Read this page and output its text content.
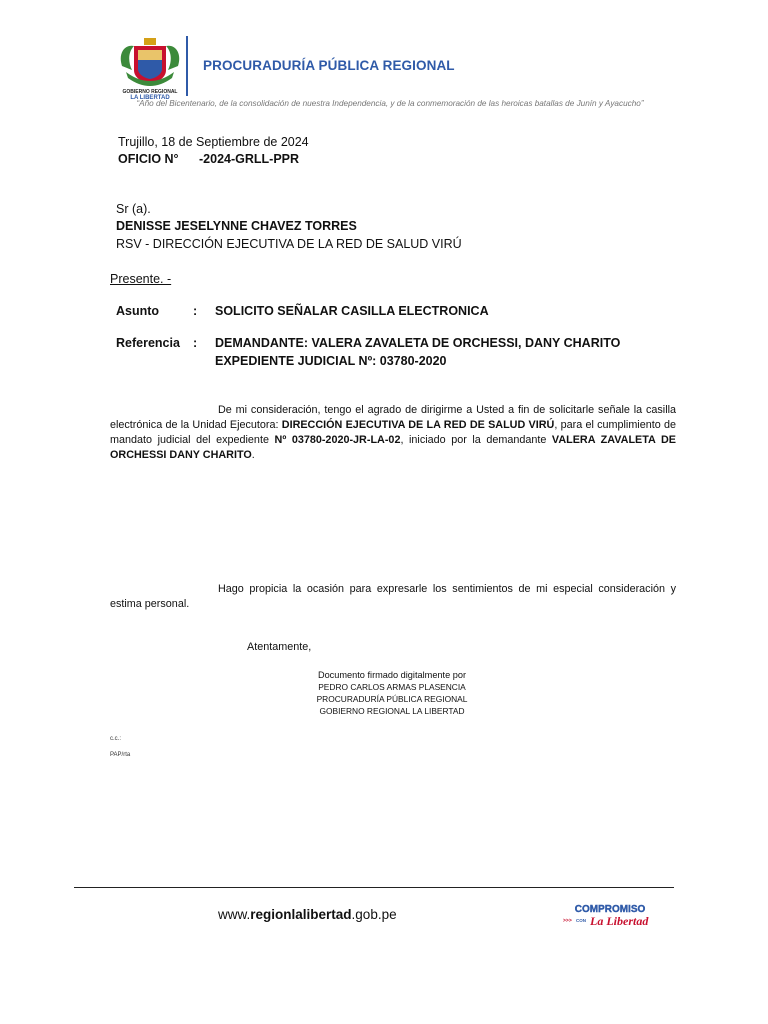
GOBIERNO REGIONAL
LA LIBERTAD
PROCURADURÍA PÚBLICA REGIONAL
“Año del Bicentenario, de la consolidación de nuestra Independencia, y de la conmemoración de las heroicas batallas de Junín y Ayacucho”
Trujillo, 18 de Septiembre de 2024
OFICIO N° -2024-GRLL-PPR
Sr (a).
DENISSE JESELYNNE CHAVEZ TORRES
RSV - DIRECCIÓN EJECUTIVA DE LA RED DE SALUD VIRÚ
Presente. -
Asunto	: SOLICITO SEÑALAR CASILLA ELECTRONICA
Referencia : DEMANDANTE: VALERA ZAVALETA DE ORCHESSI, DANY CHARITO
EXPEDIENTE JUDICIAL Nº: 03780-2020
De mi consideración, tengo el agrado de dirigirme a Usted a fin de solicitarle señale la casilla electrónica de la Unidad Ejecutora: DIRECCIÓN EJECUTIVA DE LA RED DE SALUD VIRÚ, para el cumplimiento de mandato judicial del expediente Nº 03780-2020-JR-LA-02, iniciado por la demandante VALERA ZAVALETA DE ORCHESSI DANY CHARITO.
Hago propicia la ocasión para expresarle los sentimientos de mi especial consideración y estima personal.
Atentamente,
Documento firmado digitalmente por
PEDRO CARLOS ARMAS PLASENCIA
PROCURADURÍA PÚBLICA REGIONAL
GOBIERNO REGIONAL LA LIBERTAD
c.c.:
PAP/rta
www.regionlalibertad.gob.pe	COMPROMISO
>>> CON La Libertad
